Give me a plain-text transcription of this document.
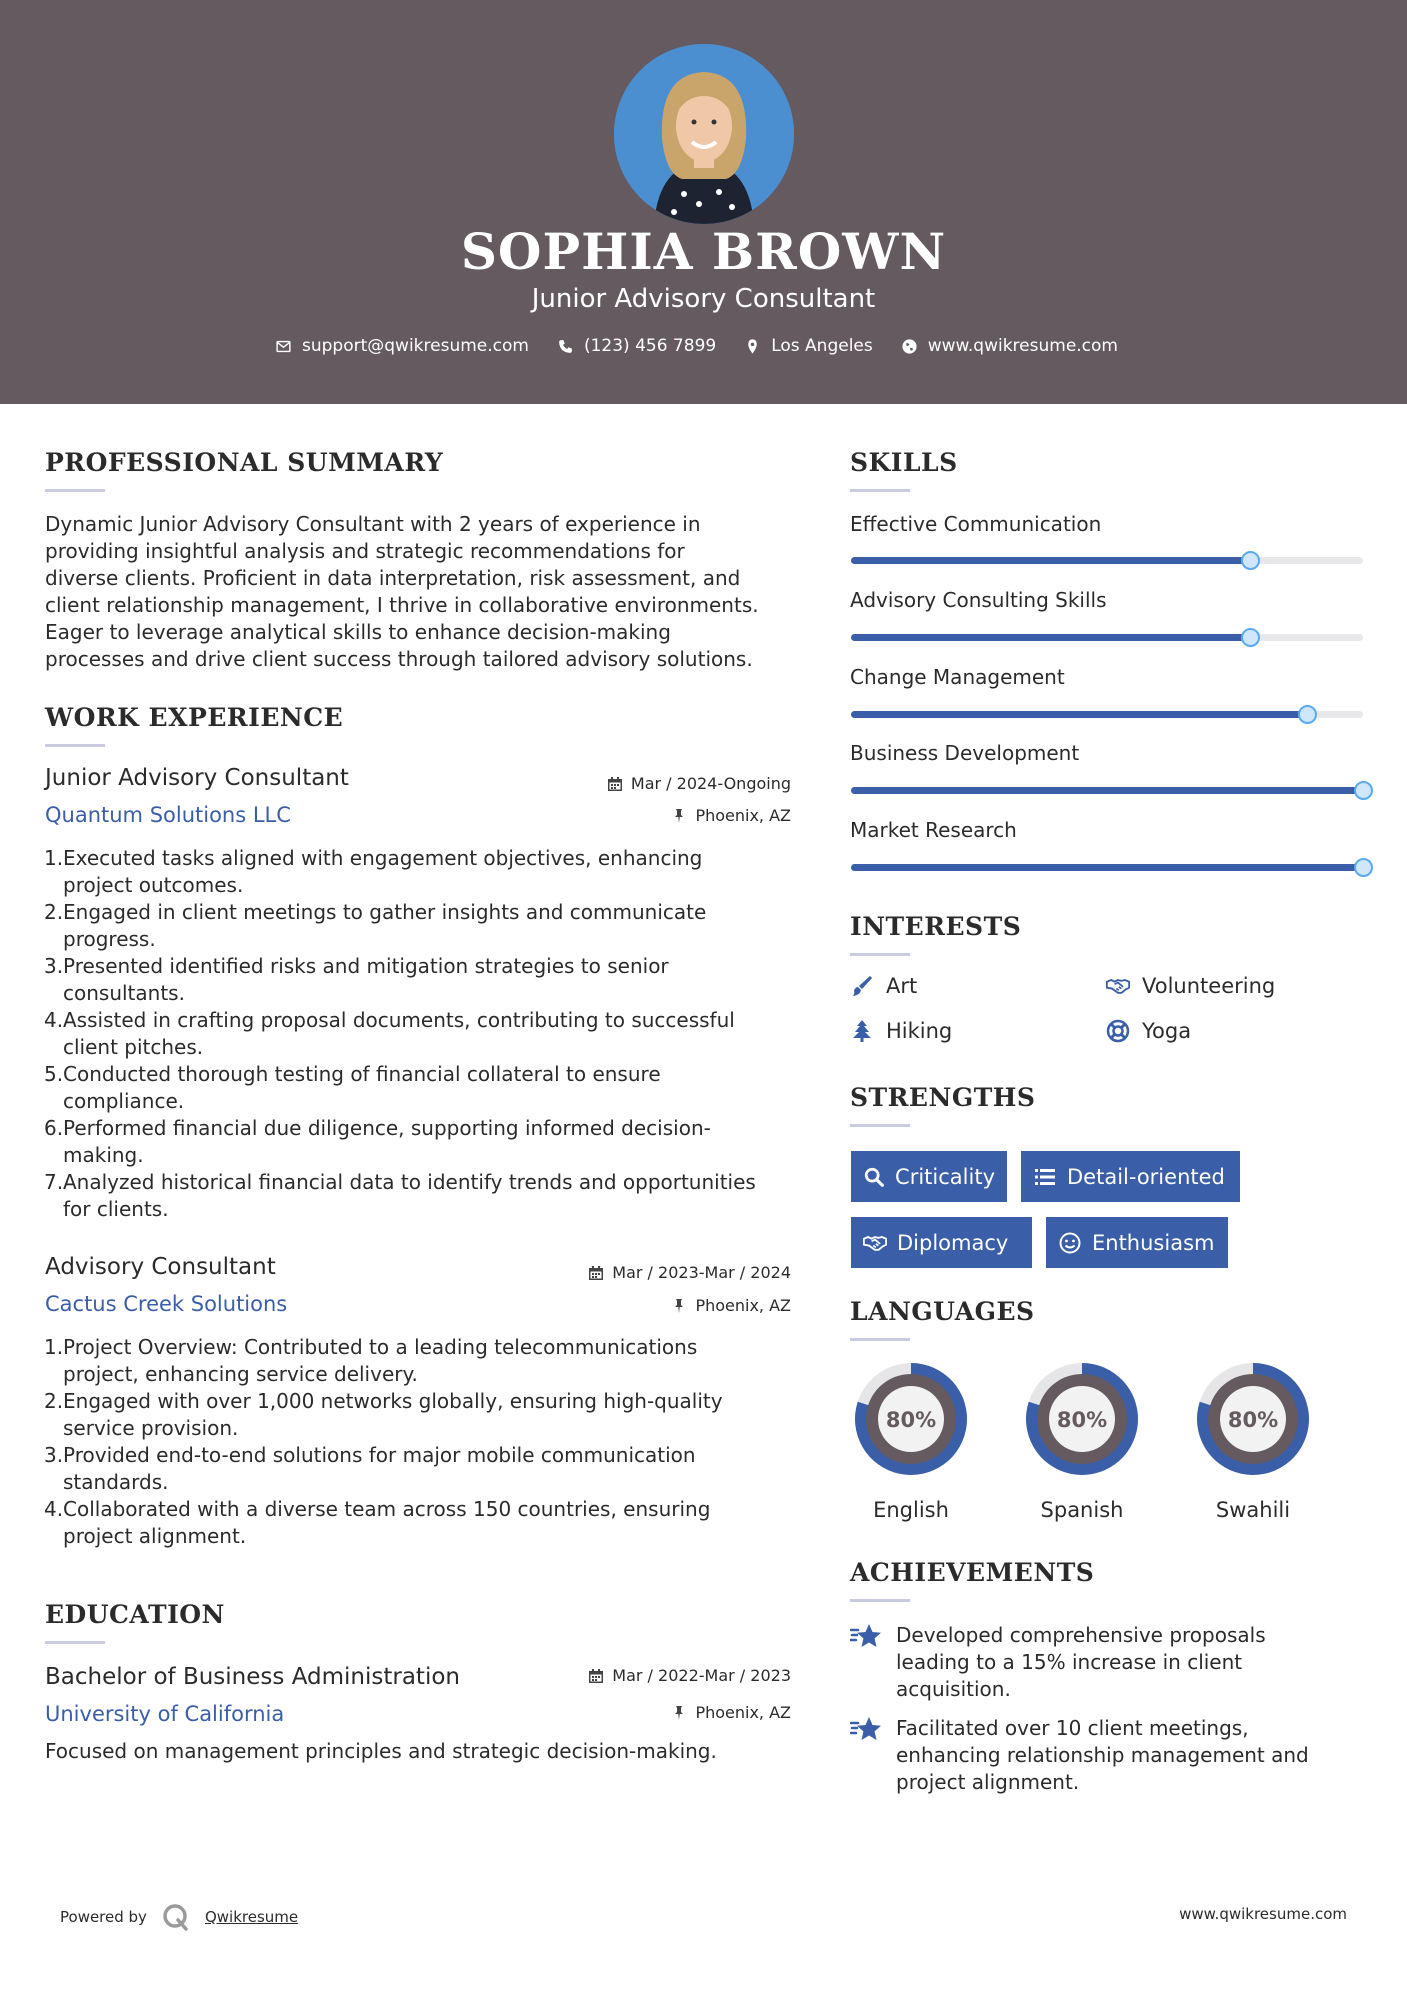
SOPHIA BROWN
Junior Advisory Consultant
support@qwikresume.com	(123) 456 7899	Los Angeles	www.qwikresume.com
PROFESSIONAL SUMMARY
Dynamic Junior Advisory Consultant with 2 years of experience in
providing insightful analysis and strategic recommendations for
diverse clients. Proficient in data interpretation, risk assessment, and
client relationship management, I thrive in collaborative environments.
Eager to leverage analytical skills to enhance decision-making
processes and drive client success through tailored advisory solutions.
WORK EXPERIENCE
Junior Advisory Consultant	Mar / 2024-Ongoing
Quantum Solutions LLC	Phoenix, AZ
1. Executed tasks aligned with engagement objectives, enhancing
project outcomes.
2. Engaged in client meetings to gather insights and communicate
progress.
3. Presented identified risks and mitigation strategies to senior
consultants.
4. Assisted in crafting proposal documents, contributing to successful
client pitches.
5. Conducted thorough testing of financial collateral to ensure
compliance.
6. Performed financial due diligence, supporting informed decision-
making.
7. Analyzed historical financial data to identify trends and opportunities
for clients.
Advisory Consultant	Mar / 2023-Mar / 2024
Cactus Creek Solutions	Phoenix, AZ
1. Project Overview: Contributed to a leading telecommunications
project, enhancing service delivery.
2. Engaged with over 1,000 networks globally, ensuring high-quality
service provision.
3. Provided end-to-end solutions for major mobile communication
standards.
4. Collaborated with a diverse team across 150 countries, ensuring
project alignment.
EDUCATION
Bachelor of Business Administration	Mar / 2022-Mar / 2023
University of California	Phoenix, AZ
Focused on management principles and strategic decision-making.
SKILLS
Effective Communication
Advisory Consulting Skills
Change Management
Business Development
Market Research
INTERESTS
Art	Volunteering
Hiking	Yoga
STRENGTHS
Criticality	Detail-oriented
Diplomacy	Enthusiasm
LANGUAGES
80%
English
80%
Spanish
80%
Swahili
ACHIEVEMENTS
Developed comprehensive proposals
leading to a 15% increase in client
acquisition.
Facilitated over 10 client meetings,
enhancing relationship management and
project alignment.
Powered by	Qwikresume	www.qwikresume.com
